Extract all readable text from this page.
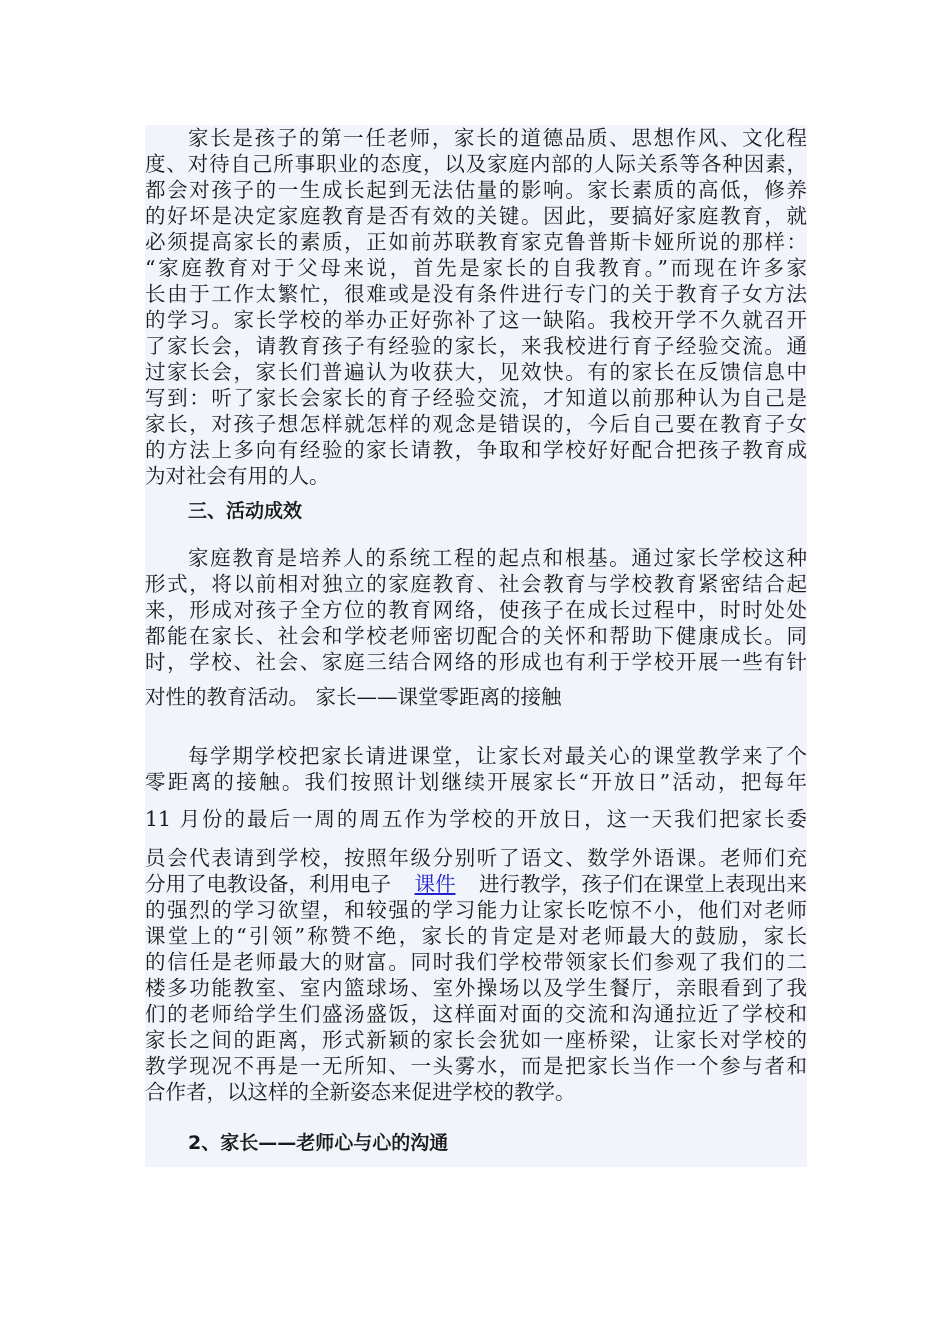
家长是孩子的第一任老师，家长的道德品质、思想作风、文化程
度、对待自己所事职业的态度，以及家庭内部的人际关系等各种因素，
都会对孩子的一生成长起到无法估量的影响。家长素质的高低，修养
的好坏是决定家庭教育是否有效的关键。因此，要搞好家庭教育，就
必须提高家长的素质，正如前苏联教育家克鲁普斯卡娅所说的那样：
“家庭教育对于父母来说，首先是家长的自我教育。”而现在许多家
长由于工作太繁忙，很难或是没有条件进行专门的关于教育子女方法
的学习。家长学校的举办正好弥补了这一缺陷。我校开学不久就召开
了家长会，请教育孩子有经验的家长，来我校进行育子经验交流。通
过家长会，家长们普遍认为收获大，见效快。有的家长在反馈信息中
写到：听了家长会家长的育子经验交流，才知道以前那种认为自己是
家长，对孩子想怎样就怎样的观念是错误的，今后自己要在教育子女
的方法上多向有经验的家长请教，争取和学校好好配合把孩子教育成
为对社会有用的人。
三、活动成效
家庭教育是培养人的系统工程的起点和根基。通过家长学校这种
形式，将以前相对独立的家庭教育、社会教育与学校教育紧密结合起
来，形成对孩子全方位的教育网络，使孩子在成长过程中，时时处处
都能在家长、社会和学校老师密切配合的关怀和帮助下健康成长。同
时，学校、社会、家庭三结合网络的形成也有利于学校开展一些有针
对性的教育活动。 家长——课堂零距离的接触
每学期学校把家长请进课堂，让家长对最关心的课堂教学来了个
零距离的接触。我们按照计划继续开展家长“开放日”活动，把每年
11 月份的最后一周的周五作为学校的开放日，这一天我们把家长委
员会代表请到学校，按照年级分别听了语文、数学外语课。老师们充
分用了电教设备，利用电子 课件 进行教学，孩子们在课堂上表现出来
的强烈的学习欲望，和较强的学习能力让家长吃惊不小，他们对老师
课堂上的“引领”称赞不绝，家长的肯定是对老师最大的鼓励，家长
的信任是老师最大的财富。同时我们学校带领家长们参观了我们的二
楼多功能教室、室内篮球场、室外操场以及学生餐厅，亲眼看到了我
们的老师给学生们盛汤盛饭，这样面对面的交流和沟通拉近了学校和
家长之间的距离，形式新颖的家长会犹如一座桥梁，让家长对学校的
教学现况不再是一无所知、一头雾水，而是把家长当作一个参与者和
合作者，以这样的全新姿态来促进学校的教学。
2、家长——老师心与心的沟通
